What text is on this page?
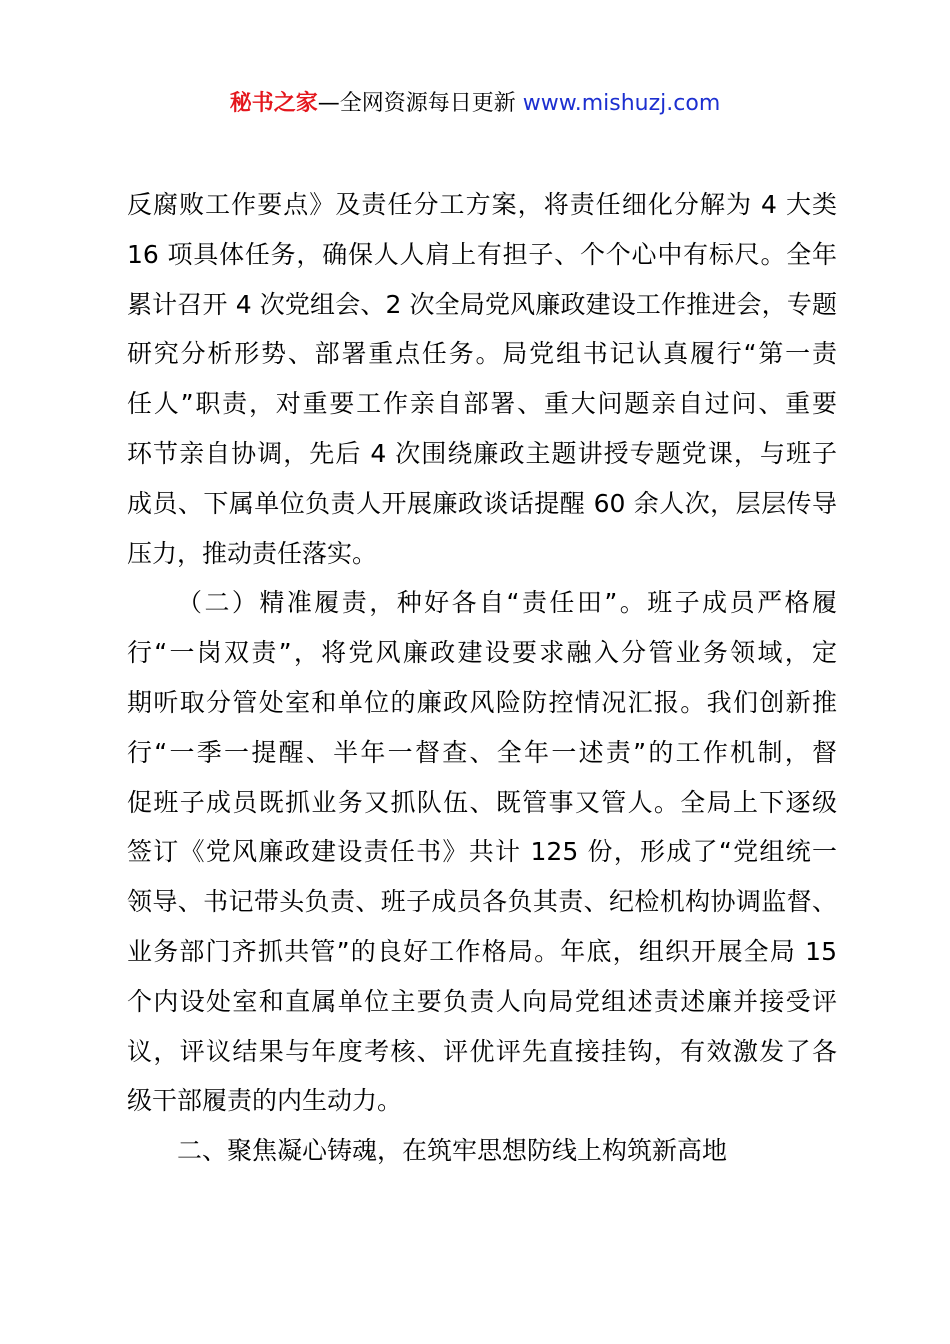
秘书之家—全网资源每日更新 www.mishuzj.com
反腐败工作要点》及责任分工方案，将责任细化分解为 4 大类
16 项具体任务，确保人人肩上有担子、个个心中有标尺。全年
累计召开 4 次党组会、2 次全局党风廉政建设工作推进会，专题
研究分析形势、部署重点任务。局党组书记认真履行“第一责
任人”职责，对重要工作亲自部署、重大问题亲自过问、重要
环节亲自协调，先后 4 次围绕廉政主题讲授专题党课，与班子
成员、下属单位负责人开展廉政谈话提醒 60 余人次，层层传导
压力，推动责任落实。
（二）精准履责，种好各自“责任田”。班子成员严格履
行“一岗双责”，将党风廉政建设要求融入分管业务领域，定
期听取分管处室和单位的廉政风险防控情况汇报。我们创新推
行“一季一提醒、半年一督查、全年一述责”的工作机制，督
促班子成员既抓业务又抓队伍、既管事又管人。全局上下逐级
签订《党风廉政建设责任书》共计 125 份，形成了“党组统一
领导、书记带头负责、班子成员各负其责、纪检机构协调监督、
业务部门齐抓共管”的良好工作格局。年底，组织开展全局 15
个内设处室和直属单位主要负责人向局党组述责述廉并接受评
议，评议结果与年度考核、评优评先直接挂钩，有效激发了各
级干部履责的内生动力。
二、聚焦凝心铸魂，在筑牢思想防线上构筑新高地
